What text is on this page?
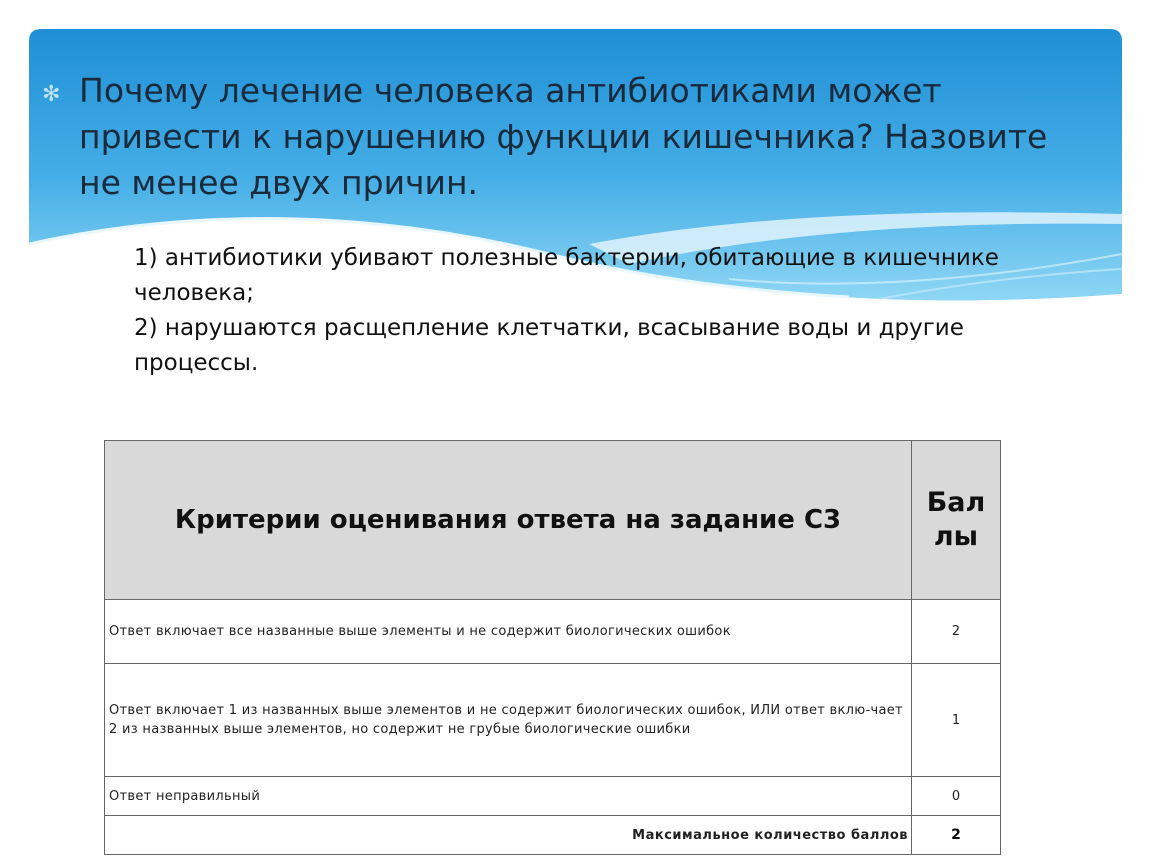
✻ Почему лечение человека антибиотиками может привести к нарушению функции кишечника? Назовите не менее двух причин.
1) антибиотики убивают полезные бактерии, обитающие в кишечнике человека;
2) нарушаются расщепление клетчатки, всасывание воды и другие процессы.
Критерии оценивания ответа на задание С3	Бал
лы

Ответ включает все названные выше элементы и не содержит биологических ошибок	2
Ответ включает 1 из названных выше элементов и не содержит биологических ошибок, ИЛИ ответ вклю-чает 2 из названных выше элементов, но содержит не грубые биологические ошибки	1
Ответ неправильный	0
Максимальное количество баллов	2
